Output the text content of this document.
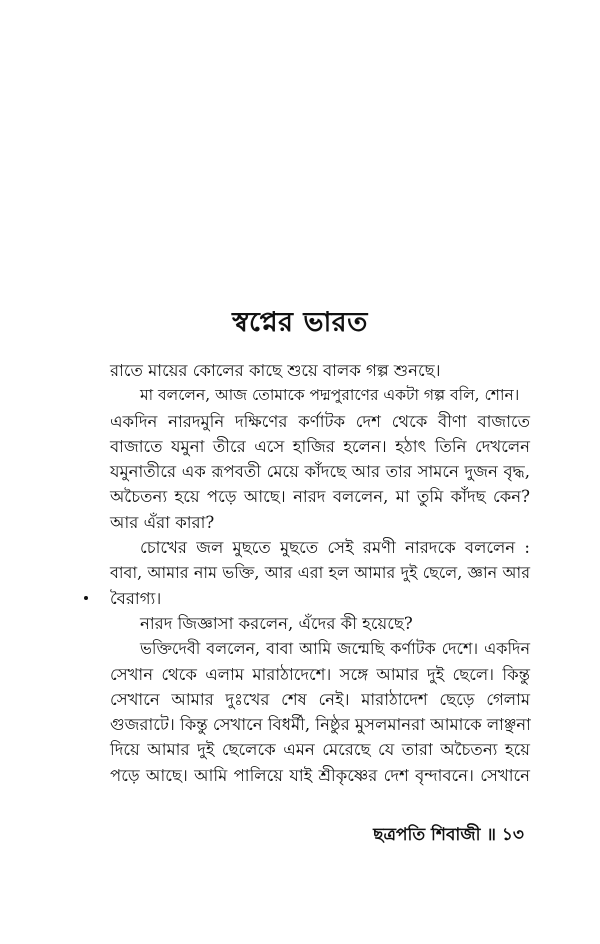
স্বপ্নের ভারত
রাতে মায়ের কোলের কাছে শুয়ে বালক গল্প শুনছে।
মা বললেন, আজ তোমাকে পদ্মপুরাণের একটা গল্প বলি, শোন।
একদিন নারদমুনি দক্ষিণের কর্ণাটক দেশ থেকে বীণা বাজাতে
বাজাতে যমুনা তীরে এসে হাজির হলেন। হঠাৎ তিনি দেখলেন
যমুনাতীরে এক রূপবতী মেয়ে কাঁদছে আর তার সামনে দুজন বৃদ্ধ,
অচৈতন্য হয়ে পড়ে আছে। নারদ বললেন, মা তুমি কাঁদছ কেন?
আর এঁরা কারা?
চোখের জল মুছতে মুছতে সেই রমণী নারদকে বললেন :
বাবা, আমার নাম ভক্তি, আর এরা হল আমার দুই ছেলে, জ্ঞান আর
বৈরাগ্য।
নারদ জিজ্ঞাসা করলেন, এঁদের কী হয়েছে?
ভক্তিদেবী বললেন, বাবা আমি জন্মেছি কর্ণাটক দেশে। একদিন
সেখান থেকে এলাম মারাঠাদেশে। সঙ্গে আমার দুই ছেলে। কিন্তু
সেখানে আমার দুঃখের শেষ নেই। মারাঠাদেশ ছেড়ে গেলাম
গুজরাটে। কিন্তু সেখানে বিধর্মী, নিষ্ঠুর মুসলমানরা আমাকে লাঞ্ছনা
দিয়ে আমার দুই ছেলেকে এমন মেরেছে যে তারা অচৈতন্য হয়ে
পড়ে আছে। আমি পালিয়ে যাই শ্রীকৃষ্ণের দেশ বৃন্দাবনে। সেখানে
ছত্রপতি শিবাজী ॥ ১৩
